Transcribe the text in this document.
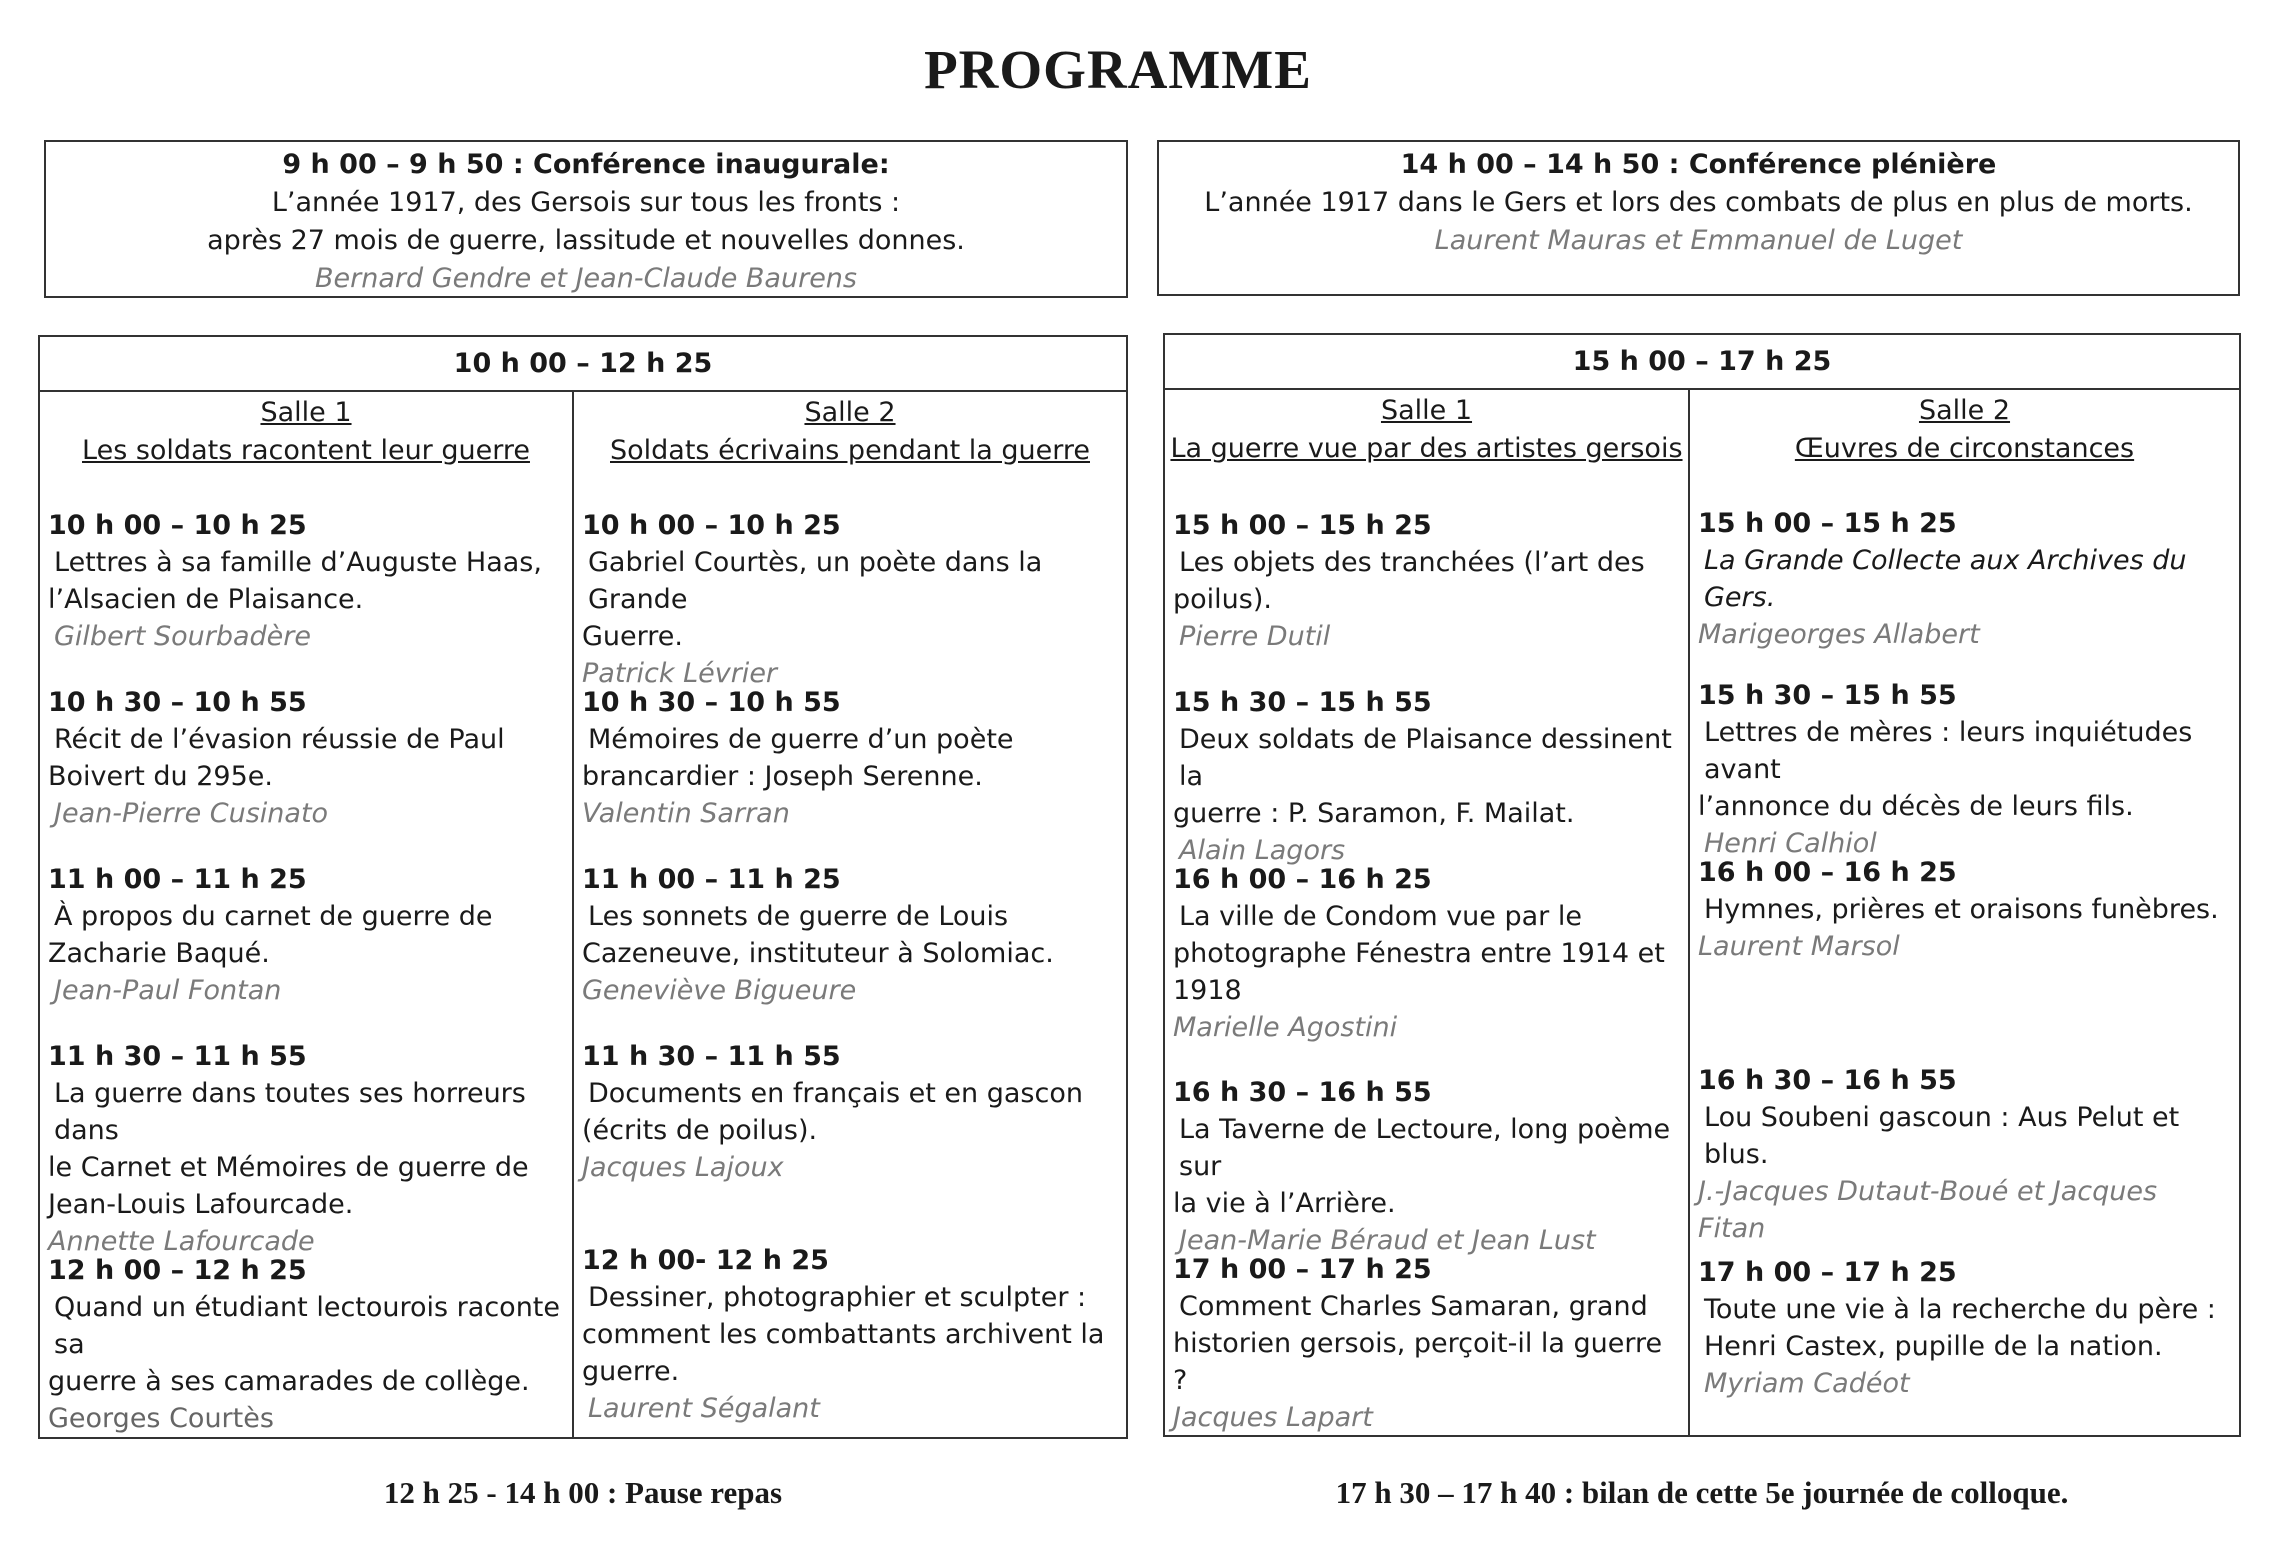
PROGRAMME
9 h 00 – 9 h 50 : Conférence inaugurale:
L’année 1917, des Gersois sur tous les fronts :
après 27 mois de guerre, lassitude et nouvelles donnes.
Bernard Gendre et Jean-Claude Baurens
14 h 00 – 14 h 50 : Conférence plénière
L’année 1917 dans le Gers et lors des combats de plus en plus de morts.
Laurent Mauras et Emmanuel de Luget
10 h 00 – 12 h 25
Salle 1
Les soldats racontent leur guerre
10 h 00 – 10 h 25
Lettres à sa famille d’Auguste Haas,
l’Alsacien de Plaisance.
Gilbert Sourbadère
10 h 30 – 10 h 55
Récit de l’évasion réussie de Paul
Boivert du 295e.
Jean-Pierre Cusinato
11 h 00 – 11 h 25
À propos du carnet de guerre de
Zacharie Baqué.
Jean-Paul Fontan
11 h 30 – 11 h 55
La guerre dans toutes ses horreurs dans
le Carnet et Mémoires de guerre de
Jean-Louis Lafourcade.
Annette Lafourcade
12 h 00 – 12 h 25
Quand un étudiant lectourois raconte sa
guerre à ses camarades de collège.
Georges Courtès
Salle 2
Soldats écrivains pendant la guerre
10 h 00 – 10 h 25
Gabriel Courtès, un poète dans la Grande
Guerre.
Patrick Lévrier
10 h 30 – 10 h 55
Mémoires de guerre d’un poète
brancardier : Joseph Serenne.
Valentin Sarran
11 h 00 – 11 h 25
Les sonnets de guerre de Louis
Cazeneuve, instituteur à Solomiac.
Geneviève Bigueure
11 h 30 – 11 h 55
Documents en français et en gascon
(écrits de poilus).
Jacques Lajoux
12 h 00- 12 h 25
Dessiner, photographier et sculpter :
comment les combattants archivent la
guerre.
Laurent Ségalant
15 h 00 – 17 h 25
Salle 1
La guerre vue par des artistes gersois
15 h 00 – 15 h 25
Les objets des tranchées (l’art des
poilus).
Pierre Dutil
15 h 30 – 15 h 55
Deux soldats de Plaisance dessinent la
guerre : P. Saramon, F. Mailat.
Alain Lagors
16 h 00 – 16 h 25
La ville de Condom vue par le
photographe Fénestra entre 1914 et
1918
Marielle Agostini
16 h 30 – 16 h 55
La Taverne de Lectoure, long poème sur
la vie à l’Arrière.
Jean-Marie Béraud et Jean Lust
17 h 00 – 17 h 25
Comment Charles Samaran, grand
historien gersois, perçoit-il la guerre ?
Jacques Lapart
Salle 2
Œuvres de circonstances
15 h 00 – 15 h 25
La Grande Collecte aux Archives du Gers.
Marigeorges Allabert
15 h 30 – 15 h 55
Lettres de mères : leurs inquiétudes avant
l’annonce du décès de leurs fils.
Henri Calhiol
16 h 00 – 16 h 25
Hymnes, prières et oraisons funèbres.
Laurent Marsol
16 h 30 – 16 h 55
Lou Soubeni gascoun : Aus Pelut et blus.
J.-Jacques Dutaut-Boué et Jacques Fitan
17 h 00 – 17 h 25
Toute une vie à la recherche du père :
Henri Castex, pupille de la nation.
Myriam Cadéot
12 h 25 - 14 h 00 : Pause repas	17 h 30 – 17 h 40 : bilan de cette 5e journée de colloque.
